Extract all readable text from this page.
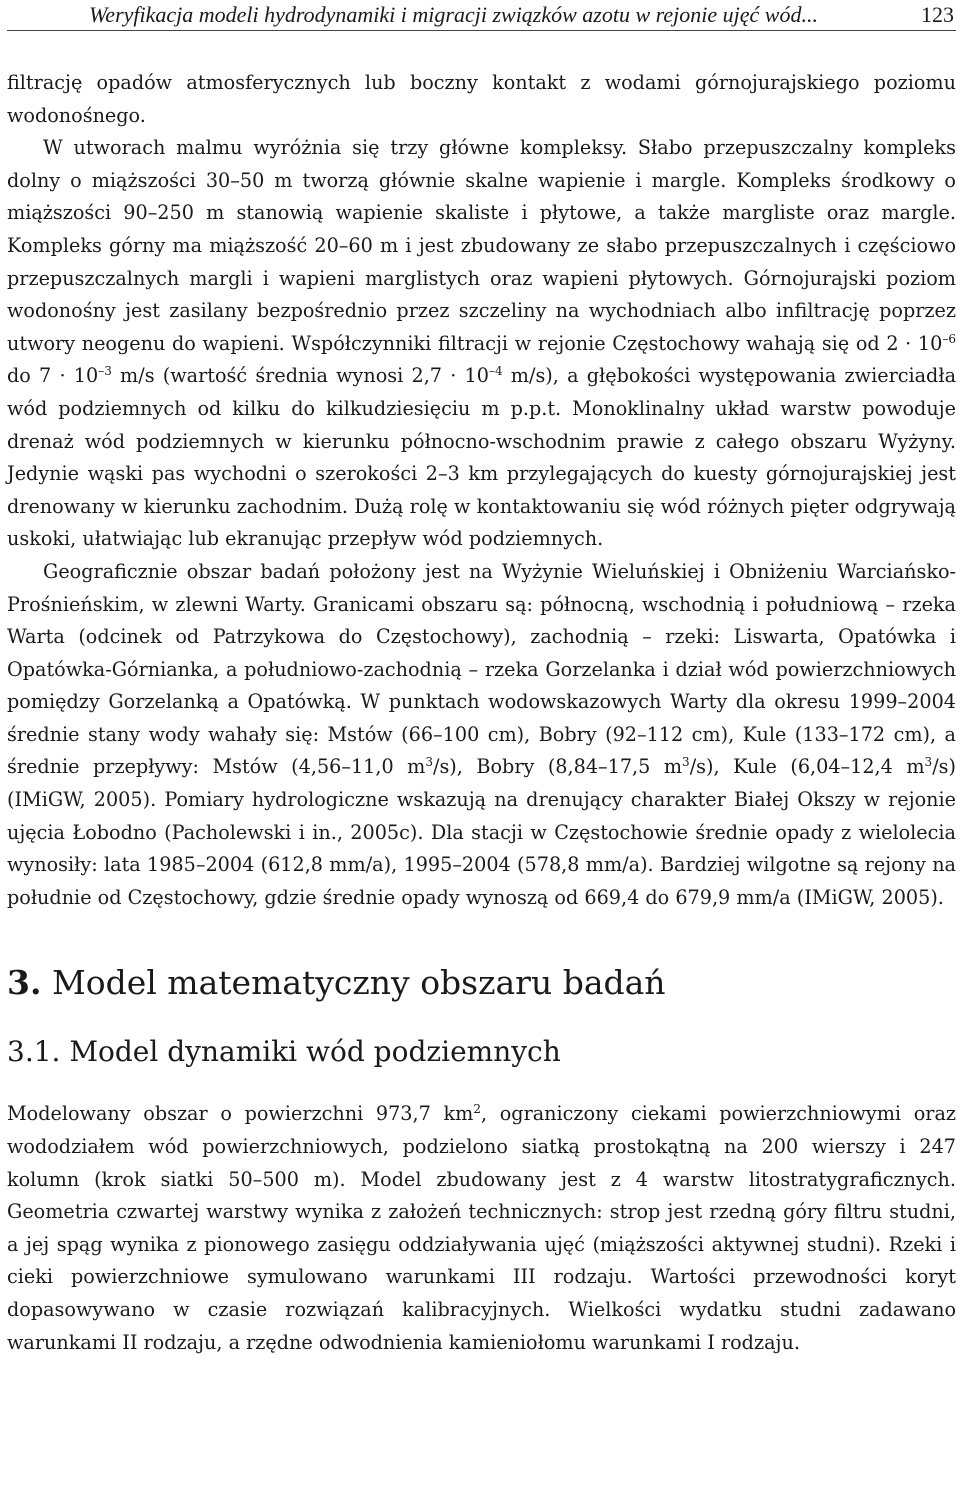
Weryfikacja modeli hydrodynamiki i migracji związków azotu w rejonie ujęć wód...	123

filtrację opadów atmosferycznych lub boczny kontakt z wodami górnojurajskiego poziomu wodonośnego.

W utworach malmu wyróżnia się trzy główne kompleksy. Słabo przepuszczalny kompleks dolny o miąższości 30–50 m tworzą głównie skalne wapienie i margle. Kompleks środkowy o miąższości 90–250 m stanowią wapienie skaliste i płytowe, a także margliste oraz margle. Kompleks górny ma miąższość 20–60 m i jest zbudowany ze słabo przepuszczalnych i częściowo przepuszczalnych margli i wapieni marglistych oraz wapieni płytowych. Górnojurajski poziom wodonośny jest zasilany bezpośrednio przez szczeliny na wychodniach albo infiltrację poprzez utwory neogenu do wapieni. Współczynniki filtracji w rejonie Częstochowy wahają się od $2 \cdot 10^{-6}$ do $7 \cdot 10^{-3}$ m/s (wartość średnia wynosi $2,7 \cdot 10^{-4}$ m/s), a głębokości występowania zwierciadła wód podziemnych od kilku do kilkudziesięciu m p.p.t. Monoklinalny układ warstw powoduje drenaż wód podziemnych w kierunku północno-wschodnim prawie z całego obszaru Wyżyny. Jedynie wąski pas wychodni o szerokości 2–3 km przylegających do kuesty górnojurajskiej jest drenowany w kierunku zachodnim. Dużą rolę w kontaktowaniu się wód różnych pięter odgrywają uskoki, ułatwiając lub ekranując przepływ wód podziemnych.

Geograficznie obszar badań położony jest na Wyżynie Wieluńskiej i Obniżeniu Warciańsko-Prośnieńskim, w zlewni Warty. Granicami obszaru są: północną, wschodnią i południową – rzeka Warta (odcinek od Patrzykowa do Częstochowy), zachodnią – rzeki: Liswarta, Opatówka i Opatówka-Górnianka, a południowo-zachodnią – rzeka Gorzelanka i dział wód powierzchniowych pomiędzy Gorzelanką a Opatówką. W punktach wodowskazowych Warty dla okresu 1999–2004 średnie stany wody wahały się: Mstów (66–100 cm), Bobry (92–112 cm), Kule (133–172 cm), a średnie przepływy: Mstów (4,56–11,0 $m^3/s$), Bobry (8,84–17,5 $m^3/s$), Kule (6,04–12,4 $m^3/s$) (IMiGW, 2005). Pomiary hydrologiczne wskazują na drenujący charakter Białej Okszy w rejonie ujęcia Łobodno (Pacholewski i in., 2005c). Dla stacji w Częstochowie średnie opady z wielolecia wynosiły: lata 1985–2004 (612,8 mm/a), 1995–2004 (578,8 mm/a). Bardziej wilgotne są rejony na południe od Częstochowy, gdzie średnie opady wynoszą od 669,4 do 679,9 mm/a (IMiGW, 2005).

3. Model matematyczny obszaru badań
3.1. Model dynamiki wód podziemnych

Modelowany obszar o powierzchni 973,7 $km^2$, ograniczony ciekami powierzchniowymi oraz wododziałem wód powierzchniowych, podzielono siatką prostokątną na 200 wierszy i 247 kolumn (krok siatki 50–500 m). Model zbudowany jest z 4 warstw litostratygraficznych. Geometria czwartej warstwy wynika z założeń technicznych: strop jest rzedną góry filtru studni, a jej spąg wynika z pionowego zasięgu oddziaływania ujęć (miąższości aktywnej studni). Rzeki i cieki powierzchniowe symulowano warunkami III rodzaju. Wartości przewodności koryt dopasowywano w czasie rozwiązań kalibracyjnych. Wielkości wydatku studni zadawano warunkami II rodzaju, a rzędne odwodnienia kamieniołomu warunkami I rodzaju.
